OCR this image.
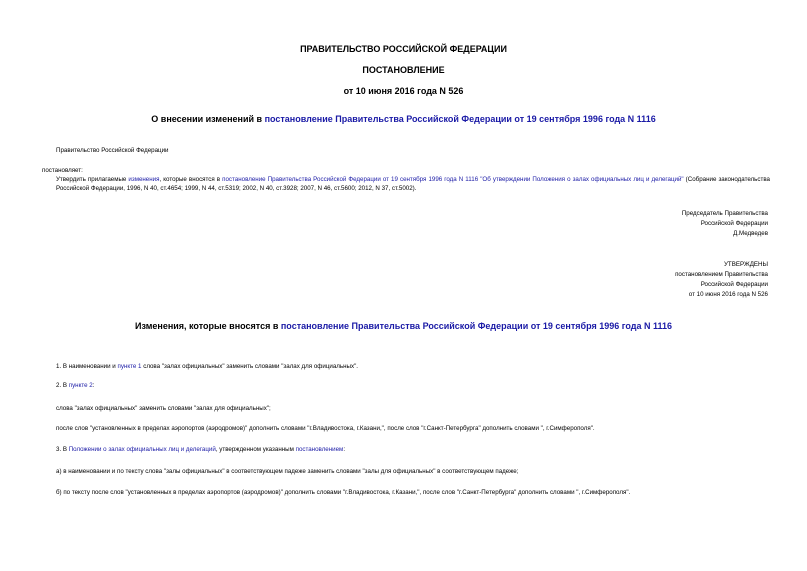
ПРАВИТЕЛЬСТВО РОССИЙСКОЙ ФЕДЕРАЦИИ
ПОСТАНОВЛЕНИЕ
от 10 июня 2016 года N 526
О внесении изменений в постановление Правительства Российской Федерации от 19 сентября 1996 года N 1116
Правительство Российской Федерации
постановляет:
Утвердить прилагаемые изменения, которые вносятся в постановление Правительства Российской Федерации от 19 сентября 1996 года N 1116 "Об утверждении Положения о залах официальных лиц и делегаций" (Собрание законодательства Российской Федерации, 1996, N 40, ст.4654; 1999, N 44, ст.5319; 2002, N 40, ст.3928; 2007, N 46, ст.5600; 2012, N 37, ст.5002).
Председатель Правительства
Российской Федерации
Д.Медведев
УТВЕРЖДЕНЫ
постановлением Правительства
Российской Федерации
от 10 июня 2016 года N 526
Изменения, которые вносятся в постановление Правительства Российской Федерации от 19 сентября 1996 года N 1116
1. В наименовании и пункте 1 слова "залах официальных" заменить словами "залах для официальных".
2. В пункте 2:
слова "залах официальных" заменить словами "залах для официальных";
после слов "установленных в пределах аэропортов (аэродромов)" дополнить словами "г.Владивостока, г.Казани,", после слов "г.Санкт-Петербурга" дополнить словами ", г.Симферополя".
3. В Положении о залах официальных лиц и делегаций, утвержденном указанным постановлением:
а) в наименовании и по тексту слова "залы официальных" в соответствующем падеже заменить словами "залы для официальных" в соответствующем падеже;
б) по тексту после слов "установленных в пределах аэропортов (аэродромов)" дополнить словами "г.Владивостока, г.Казани,", после слов "г.Санкт-Петербурга" дополнить словами ", г.Симферополя".
